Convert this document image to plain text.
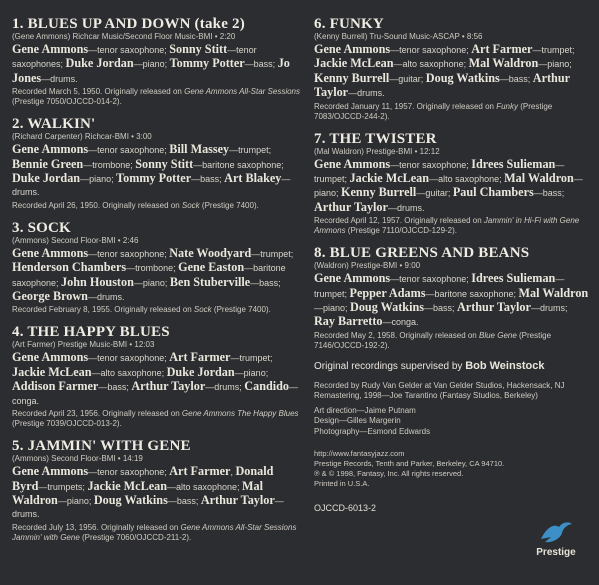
1. BLUES UP AND DOWN (take 2)
(Gene Ammons) Richcar Music/Second Floor Music-BMI • 2:20
Gene Ammons—tenor saxophone; Sonny Stitt—tenor saxophones; Duke Jordan—piano; Tommy Potter—bass; Jo Jones—drums.
Recorded March 5, 1950. Originally released on Gene Ammons All-Star Sessions (Prestige 7050/OJCCD-014-2).
2. WALKIN'
(Richard Carpenter) Richcar-BMI • 3:00
Gene Ammons—tenor saxophone; Bill Massey—trumpet; Bennie Green—trombone; Sonny Stitt—baritone saxophone; Duke Jordan—piano; Tommy Potter—bass; Art Blakey—drums.
Recorded April 26, 1950. Originally released on Sock (Prestige 7400).
3. SOCK
(Ammons) Second Floor-BMI • 2:46
Gene Ammons—tenor saxophone; Nate Woodyard—trumpet; Henderson Chambers—trombone; Gene Easton—baritone saxophone; John Houston—piano; Ben Stuberville—bass; George Brown—drums.
Recorded February 8, 1955. Originally released on Sock (Prestige 7400).
4. THE HAPPY BLUES
(Art Farmer) Prestige Music-BMI • 12:03
Gene Ammons—tenor saxophone; Art Farmer—trumpet; Jackie McLean—alto saxophone; Duke Jordan—piano; Addison Farmer—bass; Arthur Taylor—drums; Candido—conga.
Recorded April 23, 1956. Originally released on Gene Ammons The Happy Blues (Prestige 7039/OJCCD-013-2).
5. JAMMIN' WITH GENE
(Ammons) Second Floor-BMI • 14:19
Gene Ammons—tenor saxophone; Art Farmer, Donald Byrd—trumpets; Jackie McLean—alto saxophone; Mal Waldron—piano; Doug Watkins—bass; Arthur Taylor—drums.
Recorded July 13, 1956. Originally released on Gene Ammons All-Star Sessions Jammin' with Gene (Prestige 7060/OJCCD-211-2).
6. FUNKY
(Kenny Burrell) Tru-Sound Music-ASCAP • 8:56
Gene Ammons—tenor saxophone; Art Farmer—trumpet; Jackie McLean—alto saxophone; Mal Waldron—piano; Kenny Burrell—guitar; Doug Watkins—bass; Arthur Taylor—drums.
Recorded January 11, 1957. Originally released on Funky (Prestige 7083/OJCCD-244-2).
7. THE TWISTER
(Mal Waldron) Prestige-BMI • 12:12
Gene Ammons—tenor saxophone; Idrees Sulieman—trumpet; Jackie McLean—alto saxophone; Mal Waldron—piano; Kenny Burrell—guitar; Paul Chambers—bass; Arthur Taylor—drums.
Recorded April 12, 1957. Originally released on Jammin' in Hi-Fi with Gene Ammons (Prestige 7110/OJCCD-129-2).
8. BLUE GREENS AND BEANS
(Waldron) Prestige-BMI • 9:00
Gene Ammons—tenor saxophone; Idrees Sulieman—trumpet; Pepper Adams—baritone saxophone; Mal Waldron—piano; Doug Watkins—bass; Arthur Taylor—drums; Ray Barretto—conga.
Recorded May 2, 1958. Originally released on Blue Gene (Prestige 7146/OJCCD-192-2).
Original recordings supervised by Bob Weinstock
Recorded by Rudy Van Gelder at Van Gelder Studios, Hackensack, NJ
Remastering, 1998—Joe Tarantino (Fantasy Studios, Berkeley)
Art direction—Jaime Putnam
Design—Gilles Margerin
Photography—Esmond Edwards
http://www.fantasyjazz.com
Prestige Records, Tenth and Parker, Berkeley, CA 94710.
℗ & © 1998, Fantasy, Inc. All rights reserved.
Printed in U.S.A.
OJCCD-6013-2
Prestige
